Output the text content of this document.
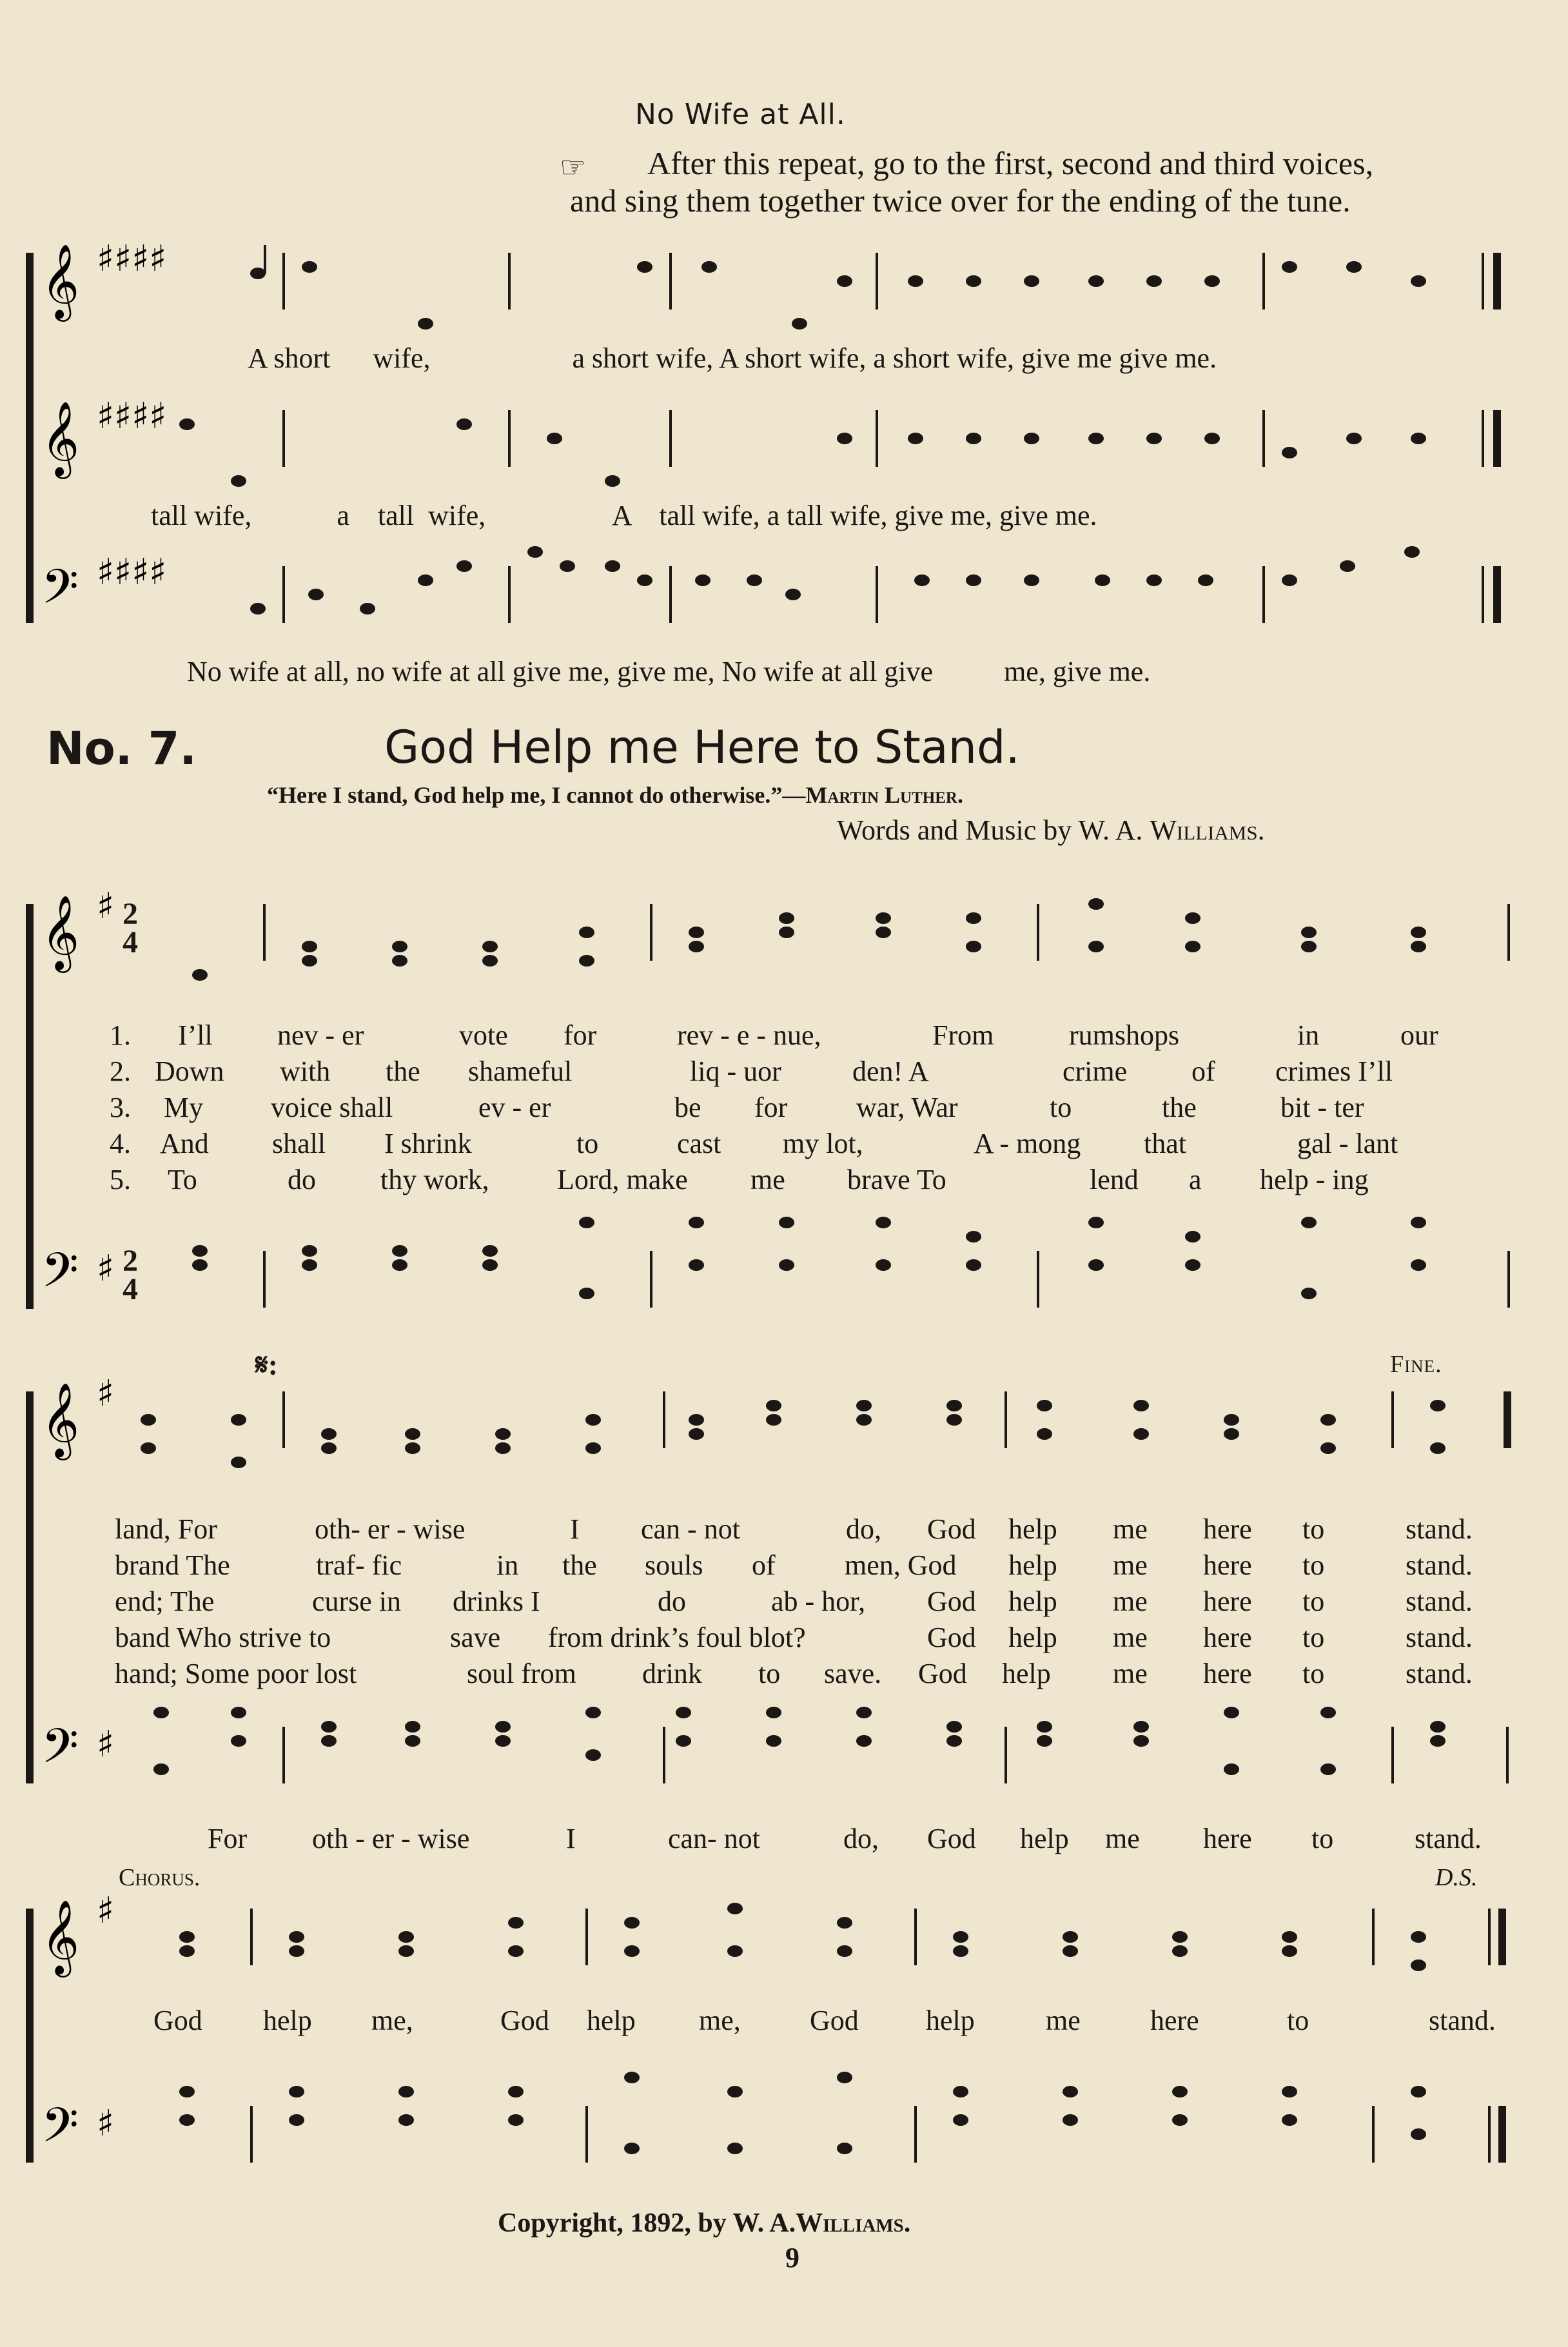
No Wife at All.
☞ After this repeat, go to the first, second and third voices,
and sing them together twice over for the ending of the tune.
𝄞 ♯♯♯♯
𝄞 ♯♯♯♯
𝄢 ♯♯♯♯
𝄞 ♯
𝄢 ♯
𝄞 ♯
𝄢 ♯
𝄞 ♯
𝄢 ♯
A short      wife,                    a short wife, A short wife, a short wife, give me give me.
tall wife,            a    tall  wife,                  A    tall wife, a tall wife, give me, give me.
No wife at all, no wife at all give me, give me, No wife at all give          me, give me.
No. 7.	God Help me Here to Stand.
“Here I stand, God help me, I cannot do otherwise.”—Martin Luther.
Words and Music by W. A. Williams.
2
4
2
4
1. I’ll nev - er	vote for	rev - e - nue,	From	rumshops	in	our
2. Down with the shameful	liq - uor	den! A	crime of crimes I’ll
3. My voice shall	ev - er	be for war, War	to	the	bit - ter
4. And shall I shrink	to	cast my lot,	A - mong that	gal - lant
5. To	do thy work, Lord, make me brave To	lend a help - ing
𝄋:	Fine.
land, For	oth- er - wise	I can - not	do, God help me here to	stand.
brand The	traf- fic	in the souls of men, God help me here to	stand.
end; The	curse in drinks I	do	ab - hor, God help me here to	stand.
band Who strive to	save from drink’s foul blot?	God help me here to	stand.
hand; Some poor lost	soul from drink to save. God help me here to	stand.
For oth - er - wise	I	can- not	do, God help me here to	stand.
Chorus.	D.S.
God help me,	God help me, God help	me here	to	stand.
Copyright, 1892, by W. A.Williams.
9
